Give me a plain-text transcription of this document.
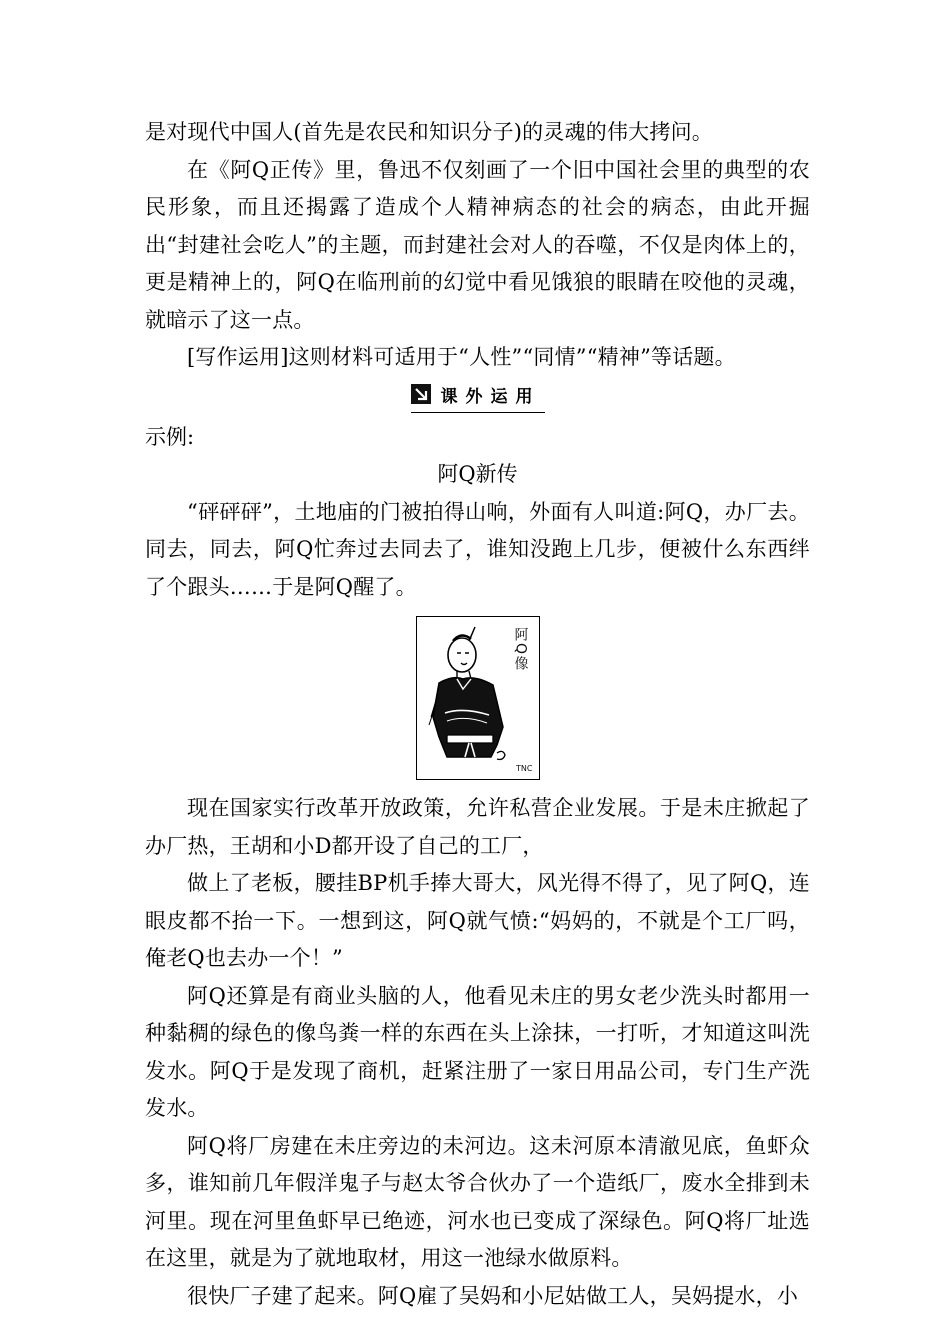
是对现代中国人(首先是农民和知识分子)的灵魂的伟大拷问。

在《阿Q正传》里，鲁迅不仅刻画了一个旧中国社会里的典型的农民形象，而且还揭露了造成个人精神病态的社会的病态，由此开掘出“封建社会吃人”的主题，而封建社会对人的吞噬，不仅是肉体上的，更是精神上的，阿Q在临刑前的幻觉中看见饿狼的眼睛在咬他的灵魂，就暗示了这一点。

[写作运用]这则材料可适用于“人性”“同情”“精神”等话题。

课外运用

示例:

阿Q新传

“砰砰砰”，土地庙的门被拍得山响，外面有人叫道:阿Q，办厂去。同去，同去，阿Q忙奔过去同去了，谁知没跑上几步，便被什么东西绊了个跟头……于是阿Q醒了。

阿Q像
TNC

现在国家实行改革开放政策，允许私营企业发展。于是未庄掀起了办厂热，王胡和小D都开设了自己的工厂，

做上了老板，腰挂BP机手捧大哥大，风光得不得了，见了阿Q，连眼皮都不抬一下。一想到这，阿Q就气愤:“妈妈的，不就是个工厂吗，俺老Q也去办一个！”

阿Q还算是有商业头脑的人，他看见未庄的男女老少洗头时都用一种黏稠的绿色的像鸟粪一样的东西在头上涂抹，一打听，才知道这叫洗发水。阿Q于是发现了商机，赶紧注册了一家日用品公司，专门生产洗发水。

阿Q将厂房建在未庄旁边的未河边。这未河原本清澈见底，鱼虾众多，谁知前几年假洋鬼子与赵太爷合伙办了一个造纸厂，废水全排到未河里。现在河里鱼虾早已绝迹，河水也已变成了深绿色。阿Q将厂址选在这里，就是为了就地取材，用这一池绿水做原料。

很快厂子建了起来。阿Q雇了吴妈和小尼姑做工人，吴妈提水，小
